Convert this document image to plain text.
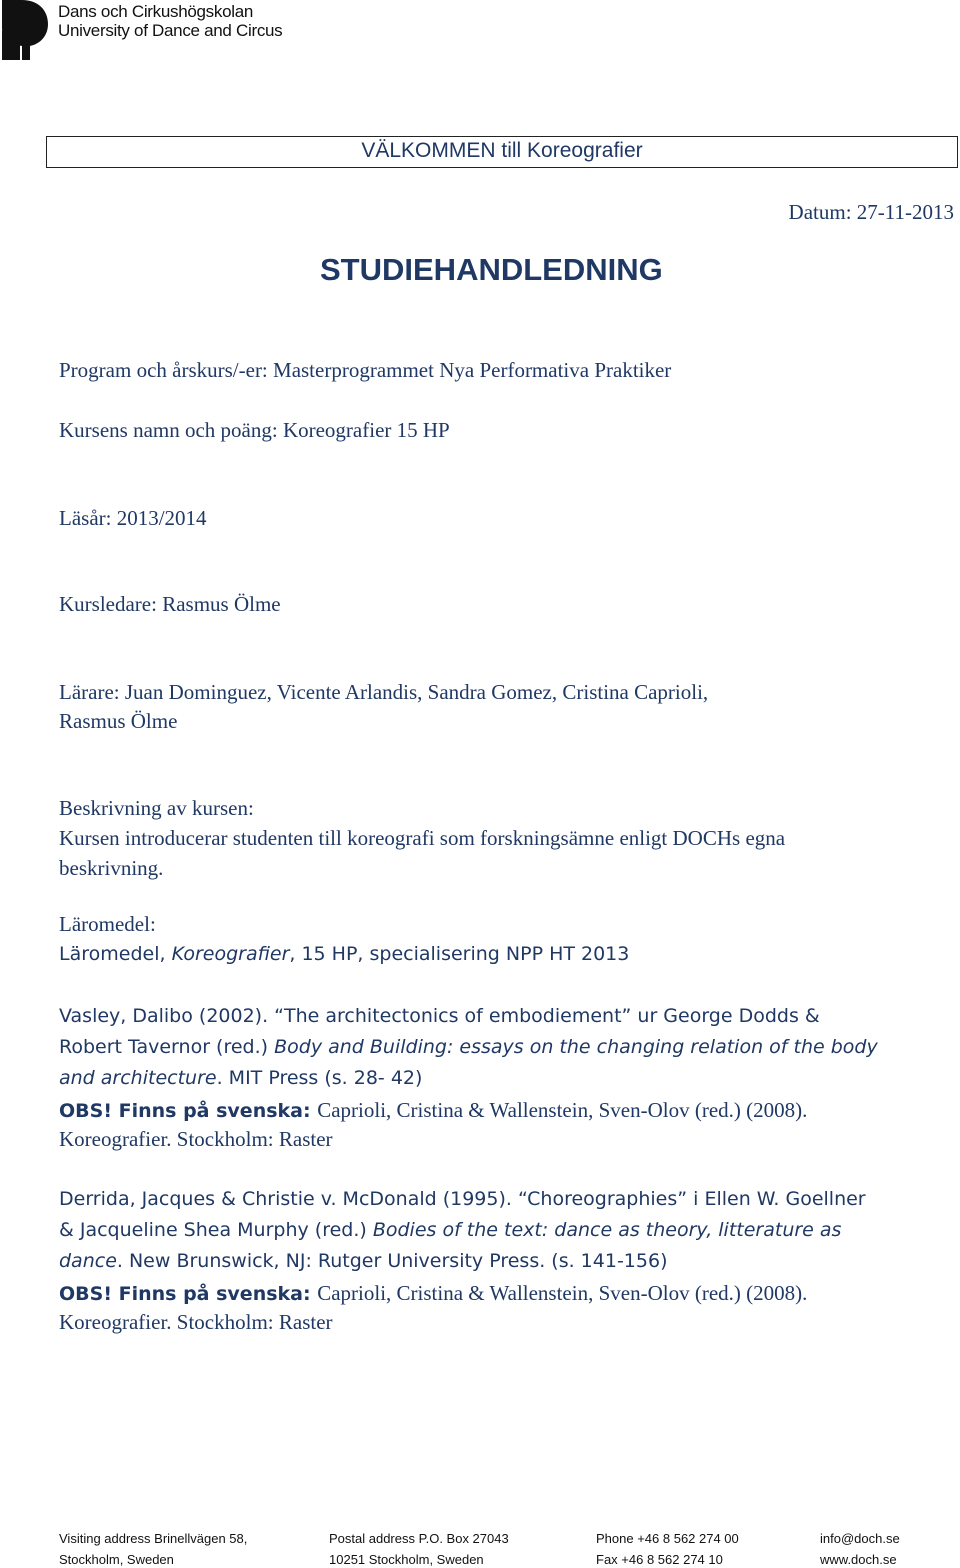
Dans och Cirkushögskolan
University of Dance and Circus
VÄLKOMMEN till Koreografier
Datum: 27-11-2013
STUDIEHANDLEDNING
Program och årskurs/-er: Masterprogrammet Nya Performativa Praktiker
Kursens namn och poäng: Koreografier 15 HP
Läsår: 2013/2014
Kursledare: Rasmus Ölme
Lärare: Juan Dominguez, Vicente Arlandis, Sandra Gomez, Cristina Caprioli,
Rasmus Ölme
Beskrivning av kursen:
Kursen introducerar studenten till koreografi som forskningsämne enligt DOCHs egna
beskrivning.
Läromedel:
Läromedel, Koreografier, 15 HP, specialisering NPP HT 2013
Vasley, Dalibo (2002). “The architectonics of embodiement” ur George Dodds &
Robert Tavernor (red.) Body and Building: essays on the changing relation of the body
and architecture. MIT Press (s. 28- 42)
OBS! Finns på svenska: Caprioli, Cristina & Wallenstein, Sven-Olov (red.) (2008).
Koreografier. Stockholm: Raster
Derrida, Jacques & Christie v. McDonald (1995). “Choreographies” i Ellen W. Goellner
& Jacqueline Shea Murphy (red.) Bodies of the text: dance as theory, litterature as
dance. New Brunswick, NJ: Rutger University Press. (s. 141-156)
OBS! Finns på svenska: Caprioli, Cristina & Wallenstein, Sven-Olov (red.) (2008).
Koreografier. Stockholm: Raster
Visiting address Brinellvägen 58,
Stockholm, Sweden
Postal address P.O. Box 27043
10251 Stockholm, Sweden
Phone +46 8 562 274 00
Fax +46 8 562 274 10
info@doch.se
www.doch.se
